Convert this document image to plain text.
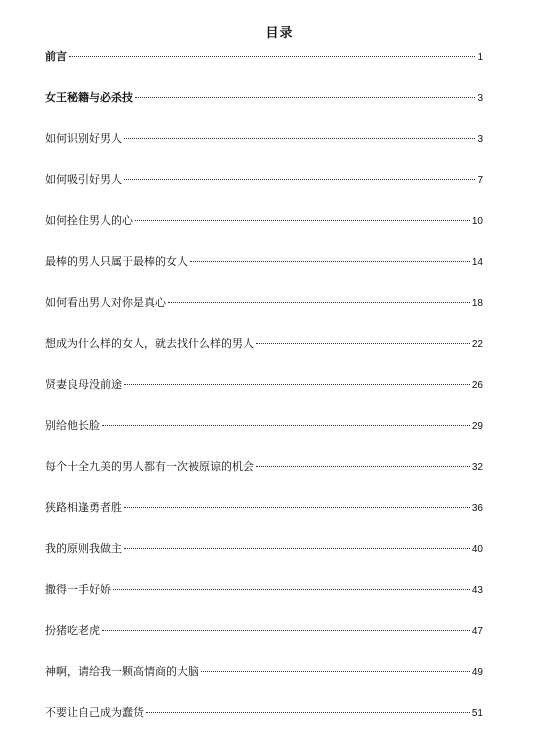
目录
前言	1
女王秘籍与必杀技	3
如何识别好男人	3
如何吸引好男人	7
如何拴住男人的心	10
最棒的男人只属于最棒的女人	14
如何看出男人对你是真心	18
想成为什么样的女人，就去找什么样的男人	22
贤妻良母没前途	26
别给他长脸	29
每个十全九美的男人都有一次被原谅的机会	32
狭路相逢勇者胜	36
我的原则我做主	40
撒得一手好娇	43
扮猪吃老虎	47
神啊，请给我一颗高情商的大脑	49
不要让自己成为蠢货	51
